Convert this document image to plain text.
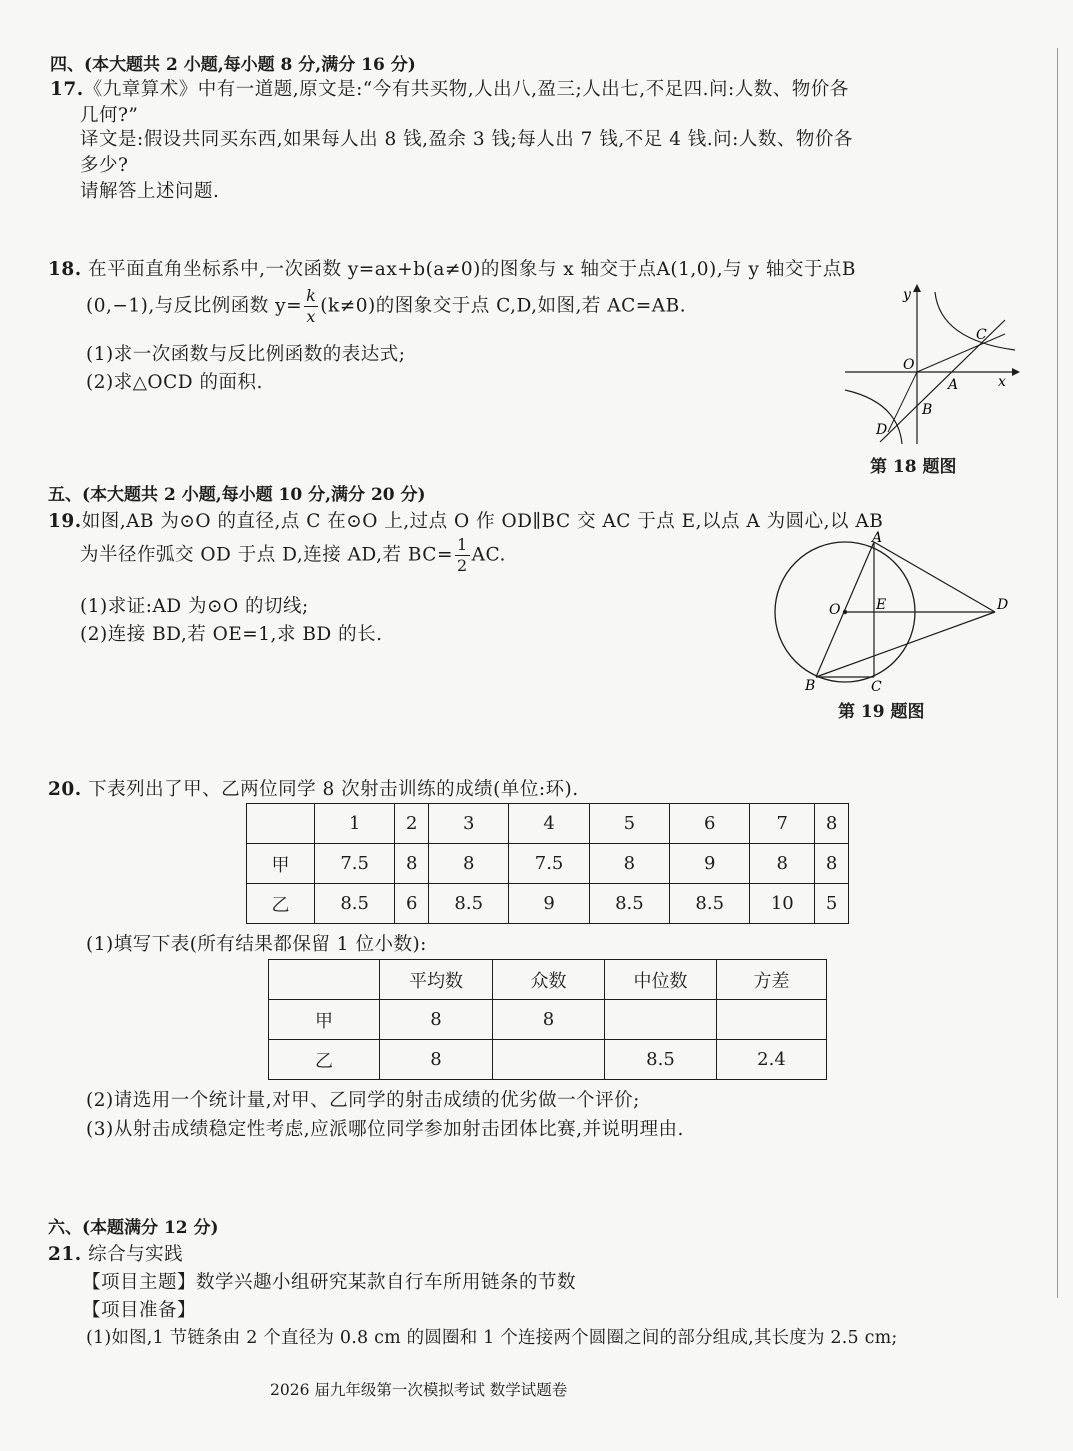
四、(本大题共 2 小题,每小题 8 分,满分 16 分)
17.《九章算术》中有一道题,原文是:“今有共买物,人出八,盈三;人出七,不足四.问:人数、物价各
几何?”
译文是:假设共同买东西,如果每人出 8 钱,盈余 3 钱;每人出 7 钱,不足 4 钱.问:人数、物价各
多少?
请解答上述问题.
18. 在平面直角坐标系中,一次函数 y=ax+b(a≠0)的图象与 x 轴交于点A(1,0),与 y 轴交于点B
(0,−1),与反比例函数 $y= \frac{k}{x} (k\ne 0)$的图象交于点 C,D,如图,若 AC=AB.
(1)求一次函数与反比例函数的表达式;
(2)求△OCD 的面积.
y
x
O
A
B
C
D
第 18 题图
五、(本大题共 2 小题,每小题 10 分,满分 20 分)
19.如图,AB 为⊙O 的直径,点 C 在⊙O 上,过点 O 作 OD∥BC 交 AC 于点 E,以点 A 为圆心,以 AB
为半径作弧交 OD 于点 D,连接 AD,若 $BC= \frac{1}{2}$ AC.
(1)求证:AD 为⊙O 的切线;
(2)连接 BD,若 OE=1,求 BD 的长.
A
O	E	D
B	C
第 19 题图
20. 下表列出了甲、乙两位同学 8 次射击训练的成绩(单位:环).
	1	2	3	4	5	6	7	8
甲	7.5	8	8	7.5	8	9	8	8
乙	8.5	6	8.5	9	8.5	8.5	10	5
(1)填写下表(所有结果都保留 1 位小数):
	平均数	众数	中位数	方差
甲	8	8		
乙	8		8.5	2.4
(2)请选用一个统计量,对甲、乙同学的射击成绩的优劣做一个评价;
(3)从射击成绩稳定性考虑,应派哪位同学参加射击团体比赛,并说明理由.
六、(本题满分 12 分)
21. 综合与实践
【项目主题】数学兴趣小组研究某款自行车所用链条的节数
【项目准备】
(1)如图,1 节链条由 2 个直径为 0.8 cm 的圆圈和 1 个连接两个圆圈之间的部分组成,其长度为 2.5 cm;
2026 届九年级第一次模拟考试 数学试题卷
